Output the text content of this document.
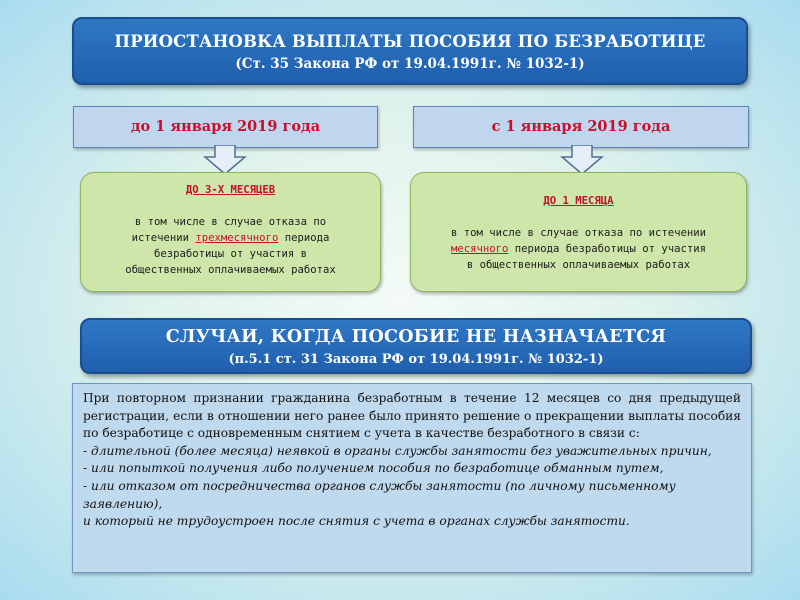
ПРИОСТАНОВКА ВЫПЛАТЫ ПОСОБИЯ ПО БЕЗРАБОТИЦЕ
(Ст. 35 Закона РФ от 19.04.1991г. № 1032-1)
до 1 января 2019 года	с 1 января 2019 года
ДО 3-Х МЕСЯЦЕВ
в том числе в случае отказа по
истечении трехмесячного периода
безработицы от участия в
общественных оплачиваемых работах
ДО 1 МЕСЯЦА
в том числе в случае отказа по истечении
месячного периода безработицы от участия
в общественных оплачиваемых работах
СЛУЧАИ, КОГДА ПОСОБИЕ НЕ НАЗНАЧАЕТСЯ
(п.5.1 ст. 31 Закона РФ от 19.04.1991г. № 1032-1)

При повторном признании гражданина безработным в течение 12 месяцев со дня предыдущей регистрации, если в отношении него ранее было принято решение о прекращении выплаты пособия по безработице с одновременным снятием с учета в качестве безработного в связи с:

- длительной (более месяца) неявкой в органы службы занятости без уважительных причин,

- или попыткой получения либо получением пособия по безработице обманным путем,

- или отказом от посредничества органов службы занятости (по личному письменному заявлению),

и который не трудоустроен после снятия с учета в органах службы занятости.
